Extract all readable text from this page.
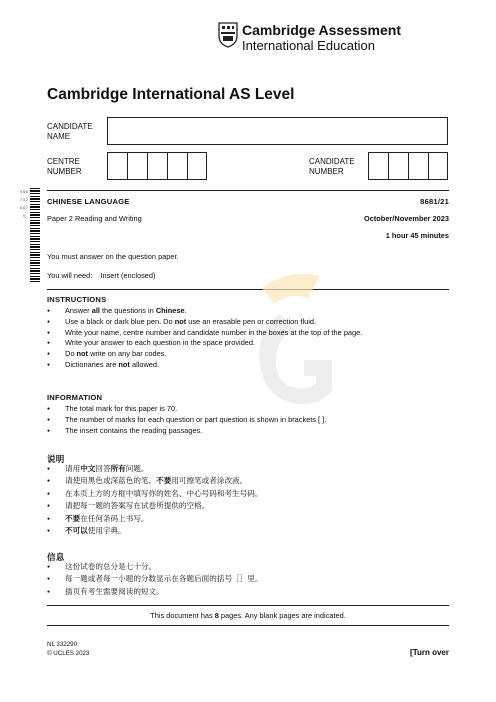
Cambridge Assessment
International Education
Cambridge International AS Level
CANDIDATE
NAME
CENTRE
NUMBER
CANDIDATE
NUMBER
4 5 6 7 3 2 6 8 7 9
CHINESE LANGUAGE	8681/21
Paper 2 Reading and Writing	October/November 2023
1 hour 45 minutes
You must answer on the question paper.
You will need: Insert (enclosed)
INSTRUCTIONS
● Answer all the questions in Chinese.
● Use a black or dark blue pen. Do not use an erasable pen or correction fluid.
● Write your name, centre number and candidate number in the boxes at the top of the page.
● Write your answer to each question in the space provided.
● Do not write on any bar codes.
● Dictionaries are not allowed.
INFORMATION
● The total mark for this paper is 70.
● The number of marks for each question or part question is shown in brackets [ ].
● The insert contains the reading passages.
说明
● 请用中文回答所有问题。
● 请使用黑色或深蓝色的笔。不要用可擦笔或者涂改液。
● 在本页上方的方框中填写你的姓名、中心号码和考生号码。
● 请把每一题的答案写在试卷所提供的空格。
● 不要在任何条码上书写。
● 不可以使用字典。
信息
● 这份试卷的总分是七十分。
● 每一题或者每一小题的分数显示在各题后面的括号［］里。
● 插页有考生需要阅读的短文。
This document has 8 pages. Any blank pages are indicated.
NL 332290
© UCLES 2023	[Turn over
